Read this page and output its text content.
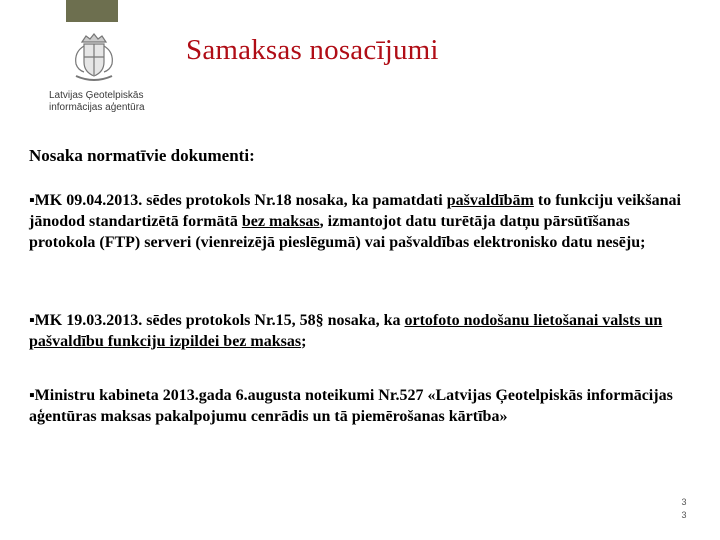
Latvijas Ģeotelpiskās
informācijas aģentūra
Samaksas nosacījumi
Nosaka normatīvie dokumenti:
▪MK 09.04.2013. sēdes protokols Nr.18 nosaka, ka pamatdati pašvaldībām to funkciju veikšanai jānodod standartizētā formātā bez maksas, izmantojot datu turētāja datņu pārsūtīšanas protokola (FTP) serveri (vienreizējā pieslēgumā) vai pašvaldības elektronisko datu nesēju;
▪MK 19.03.2013. sēdes protokols Nr.15, 58§ nosaka, ka ortofoto nodošanu lietošanai valsts un pašvaldību funkciju izpildei bez maksas;
▪Ministru kabineta 2013.gada 6.augusta noteikumi Nr.527 «Latvijas Ģeotelpiskās informācijas aģentūras maksas pakalpojumu cenrādis un tā piemērošanas kārtība»
3
3
